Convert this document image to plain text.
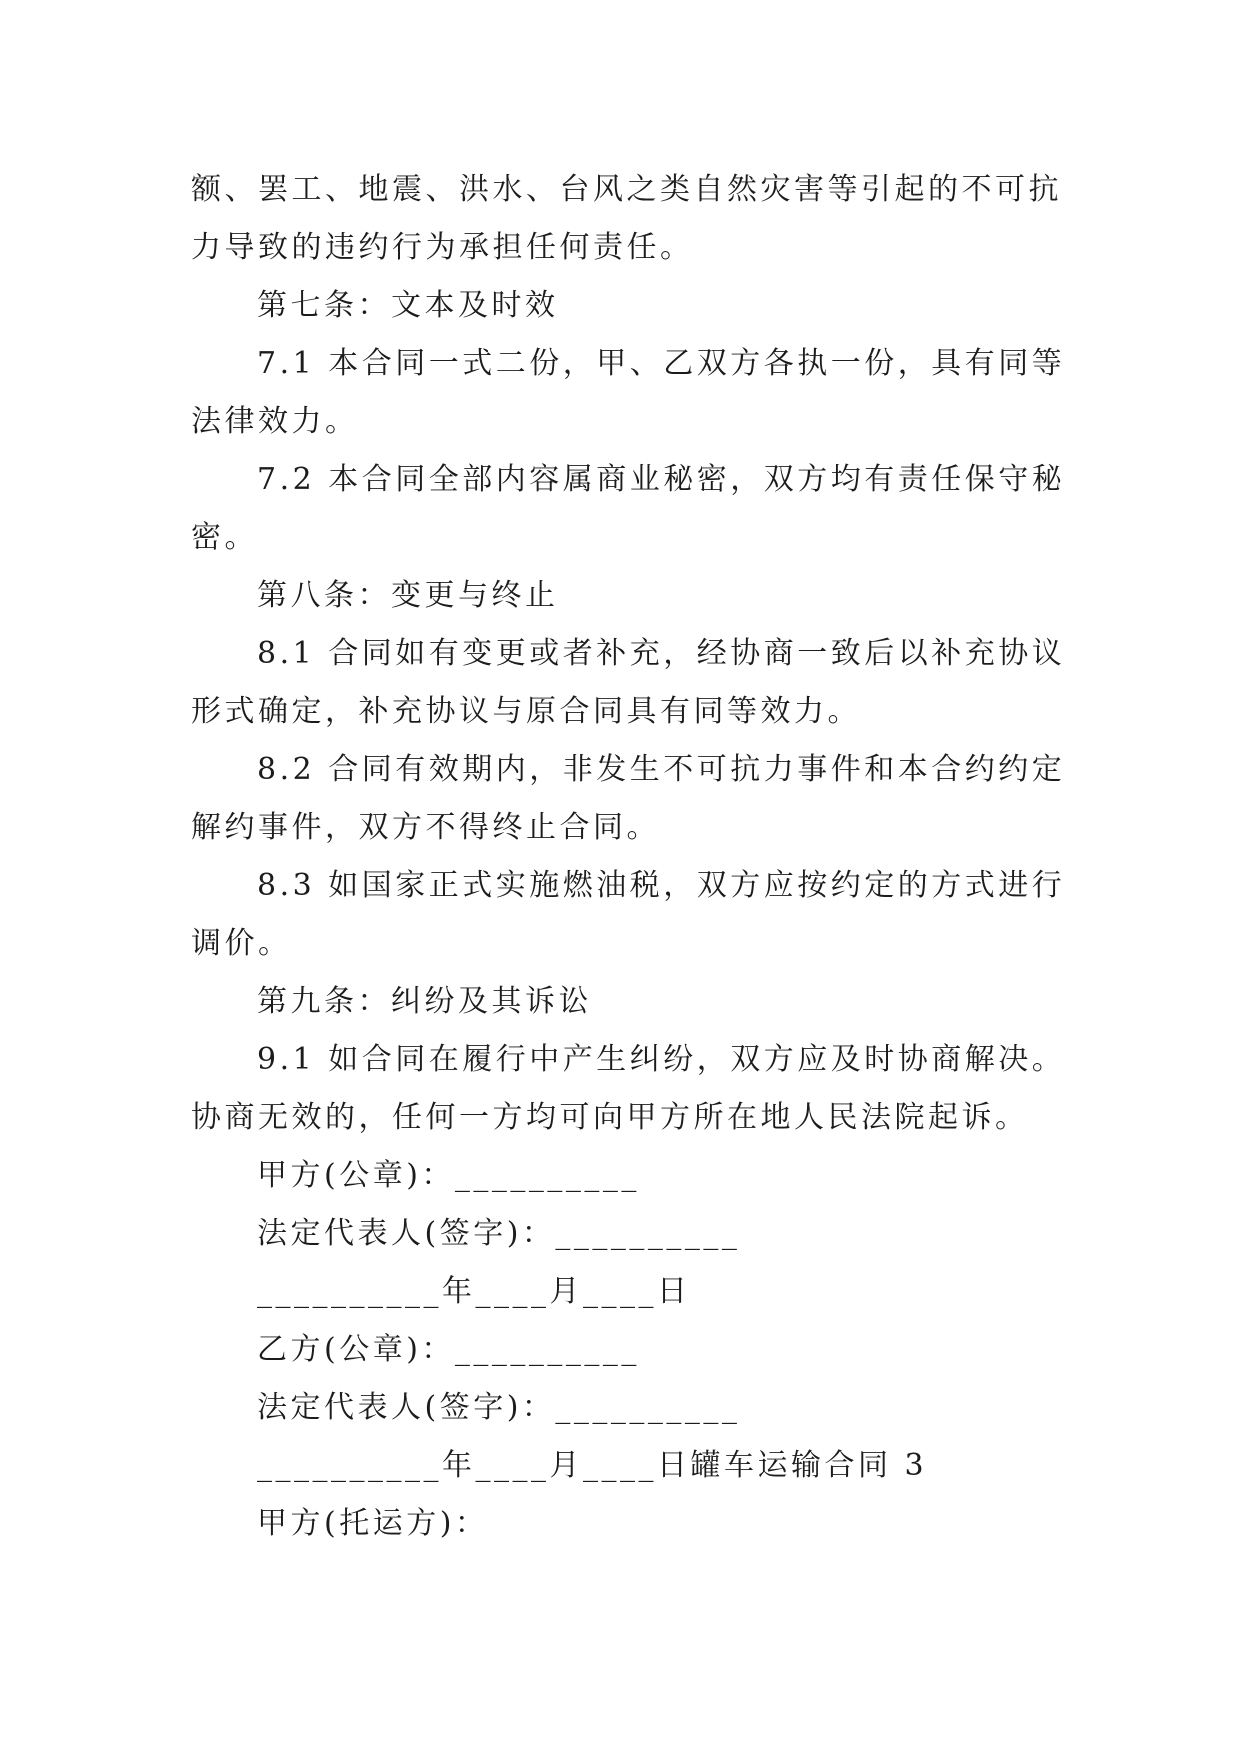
额、罢工、地震、洪水、台风之类自然灾害等引起的不可抗
力导致的违约行为承担任何责任。
第七条：文本及时效
7.1 本合同一式二份，甲、乙双方各执一份，具有同等
法律效力。
7.2 本合同全部内容属商业秘密，双方均有责任保守秘
密。
第八条：变更与终止
8.1 合同如有变更或者补充，经协商一致后以补充协议
形式确定，补充协议与原合同具有同等效力。
8.2 合同有效期内，非发生不可抗力事件和本合约约定
解约事件，双方不得终止合同。
8.3 如国家正式实施燃油税，双方应按约定的方式进行
调价。
第九条：纠纷及其诉讼
9.1 如合同在履行中产生纠纷，双方应及时协商解决。
协商无效的，任何一方均可向甲方所在地人民法院起诉。
甲方(公章)：__________
法定代表人(签字)：__________
__________年____月____日
乙方(公章)：__________
法定代表人(签字)：__________
__________年____月____日罐车运输合同 3
甲方(托运方)：
